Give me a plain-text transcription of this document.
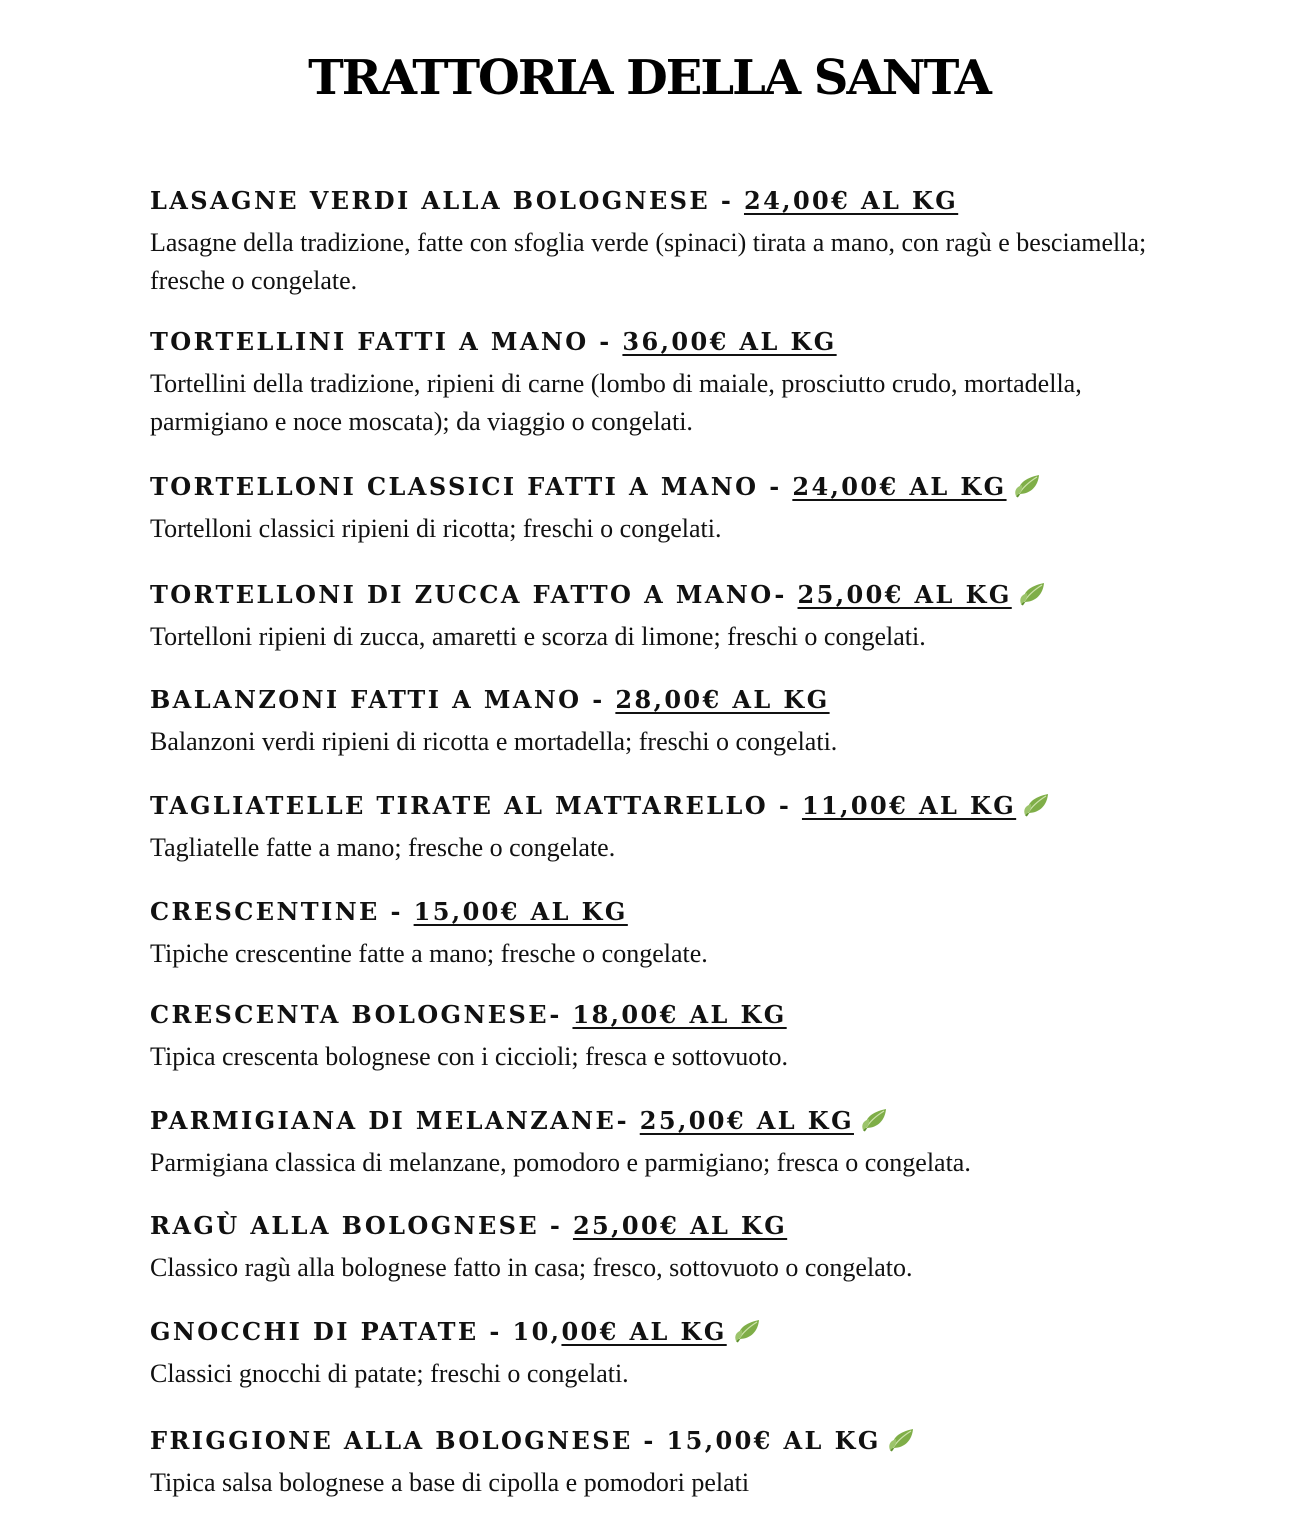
TRATTORIA DELLA SANTA
LASAGNE VERDI ALLA BOLOGNESE - 24,00€ AL KG
Lasagne della tradizione, fatte con sfoglia verde (spinaci) tirata a mano, con ragù e besciamella; fresche o congelate.
TORTELLINI FATTI A MANO - 36,00€ AL KG
Tortellini della tradizione, ripieni di carne (lombo di maiale, prosciutto crudo, mortadella, parmigiano e noce moscata); da viaggio o congelati.
TORTELLONI CLASSICI FATTI A MANO - 24,00€ AL KG
Tortelloni classici ripieni di ricotta; freschi o congelati.
TORTELLONI DI ZUCCA FATTO A MANO- 25,00€ AL KG
Tortelloni ripieni di zucca, amaretti e scorza di limone; freschi o congelati.
BALANZONI FATTI A MANO - 28,00€ AL KG
Balanzoni verdi ripieni di ricotta e mortadella; freschi o congelati.
TAGLIATELLE TIRATE AL MATTARELLO - 11,00€ AL KG
Tagliatelle fatte a mano; fresche o congelate.
CRESCENTINE - 15,00€ AL KG
Tipiche crescentine fatte a mano; fresche o congelate.
CRESCENTA BOLOGNESE- 18,00€ AL KG
Tipica crescenta bolognese con i ciccioli; fresca e sottovuoto.
PARMIGIANA DI MELANZANE- 25,00€ AL KG
Parmigiana classica di melanzane, pomodoro e parmigiano; fresca o congelata.
RAGÙ ALLA BOLOGNESE - 25,00€ AL KG
Classico ragù alla bolognese fatto in casa; fresco, sottovuoto o congelato.
GNOCCHI DI PATATE - 10,00€ AL KG
Classici gnocchi di patate; freschi o congelati.
FRIGGIONE ALLA BOLOGNESE - 15,00€ AL KG
Tipica salsa bolognese a base di cipolla e pomodori pelati
